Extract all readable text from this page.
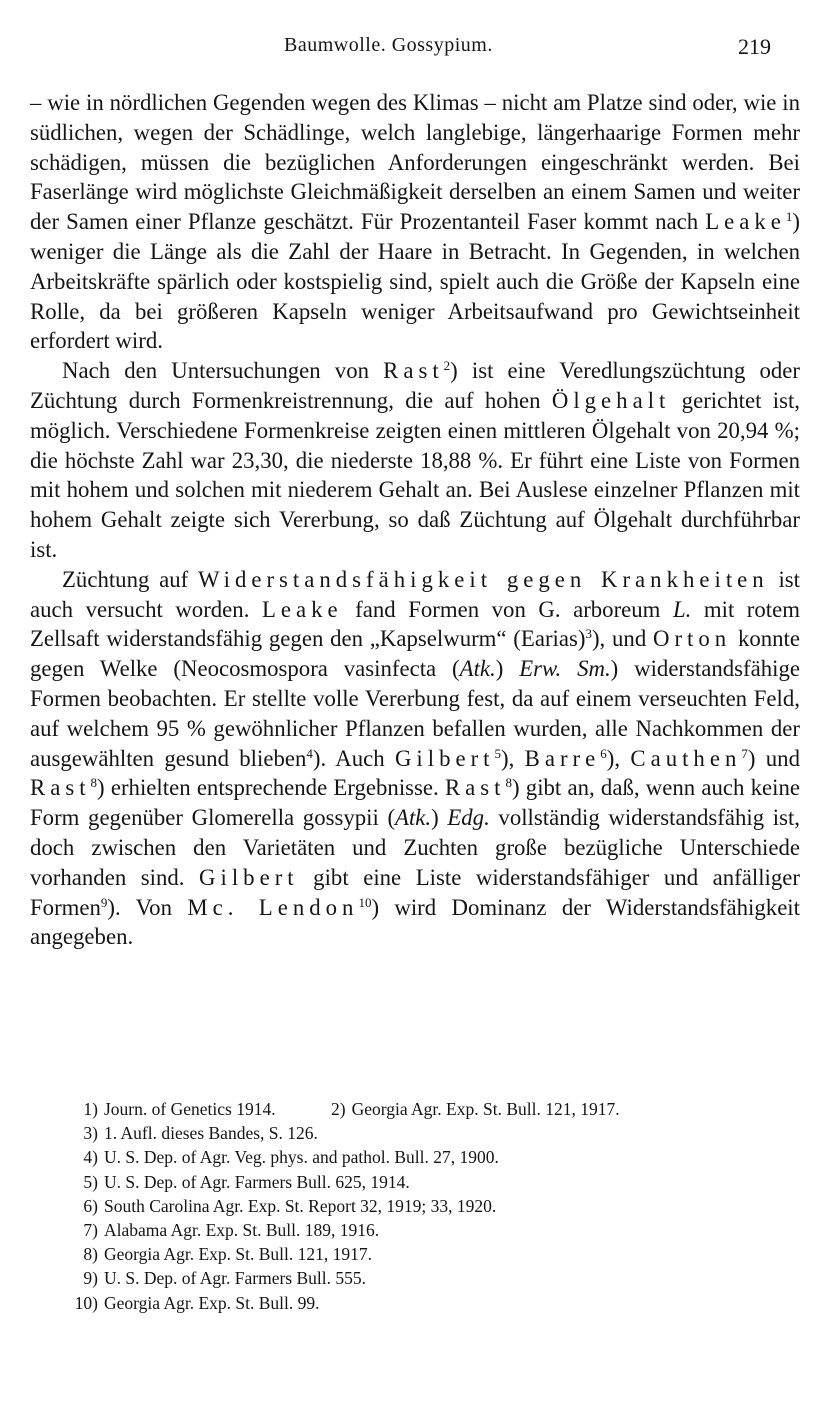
Baumwolle. Gossypium.	219

– wie in nördlichen Gegenden wegen des Klimas – nicht am Platze sind oder, wie in südlichen, wegen der Schädlinge, welch langlebige, längerhaarige Formen mehr schädigen, müssen die bezüglichen Anforderungen eingeschränkt werden. Bei Faserlänge wird möglichste Gleichmäßigkeit derselben an einem Samen und weiter der Samen einer Pflanze geschätzt. Für Prozentanteil Faser kommt nach Leake$^1$) weniger die Länge als die Zahl der Haare in Betracht. In Gegenden, in welchen Arbeitskräfte spärlich oder kostspielig sind, spielt auch die Größe der Kapseln eine Rolle, da bei größeren Kapseln weniger Arbeitsaufwand pro Gewichtseinheit erfordert wird.

Nach den Untersuchungen von Rast$^2$) ist eine Veredlungszüchtung oder Züchtung durch Formenkreistrennung, die auf hohen Ölgehalt gerichtet ist, möglich. Verschiedene Formenkreise zeigten einen mittleren Ölgehalt von 20,94 %; die höchste Zahl war 23,30, die niederste 18,88 %. Er führt eine Liste von Formen mit hohem und solchen mit niederem Gehalt an. Bei Auslese einzelner Pflanzen mit hohem Gehalt zeigte sich Vererbung, so daß Züchtung auf Ölgehalt durchführbar ist.

Züchtung auf Widerstandsfähigkeit gegen Krankheiten ist auch versucht worden. Leake fand Formen von G. arboreum L. mit rotem Zellsaft widerstandsfähig gegen den „Kapselwurm“ (Earias)$^3$), und Orton konnte gegen Welke (Neocosmospora vasinfecta (Atk.) Erw. Sm.) widerstandsfähige Formen beobachten. Er stellte volle Vererbung fest, da auf einem verseuchten Feld, auf welchem 95 % gewöhnlicher Pflanzen befallen wurden, alle Nachkommen der ausgewählten gesund blieben$^4$). Auch Gilbert$^5$), Barre$^6$), Cauthen$^7$) und Rast$^8$) erhielten entsprechende Ergebnisse. Rast$^8$) gibt an, daß, wenn auch keine Form gegenüber Glomerella gossypii (Atk.) Edg. vollständig widerstandsfähig ist, doch zwischen den Varietäten und Zuchten große bezügliche Unterschiede vorhanden sind. Gilbert gibt eine Liste widerstandsfähiger und anfälliger Formen$^9$). Von Mc. Lendon$^{10}$) wird Dominanz der Widerstandsfähigkeit angegeben.

1) Journ. of Genetics 1914.	2) Georgia Agr. Exp. St. Bull. 121, 1917.
3) 1. Aufl. dieses Bandes, S. 126.
4) U. S. Dep. of Agr. Veg. phys. and pathol. Bull. 27, 1900.
5) U. S. Dep. of Agr. Farmers Bull. 625, 1914.
6) South Carolina Agr. Exp. St. Report 32, 1919; 33, 1920.
7) Alabama Agr. Exp. St. Bull. 189, 1916.
8) Georgia Agr. Exp. St. Bull. 121, 1917.
9) U. S. Dep. of Agr. Farmers Bull. 555.
10) Georgia Agr. Exp. St. Bull. 99.
